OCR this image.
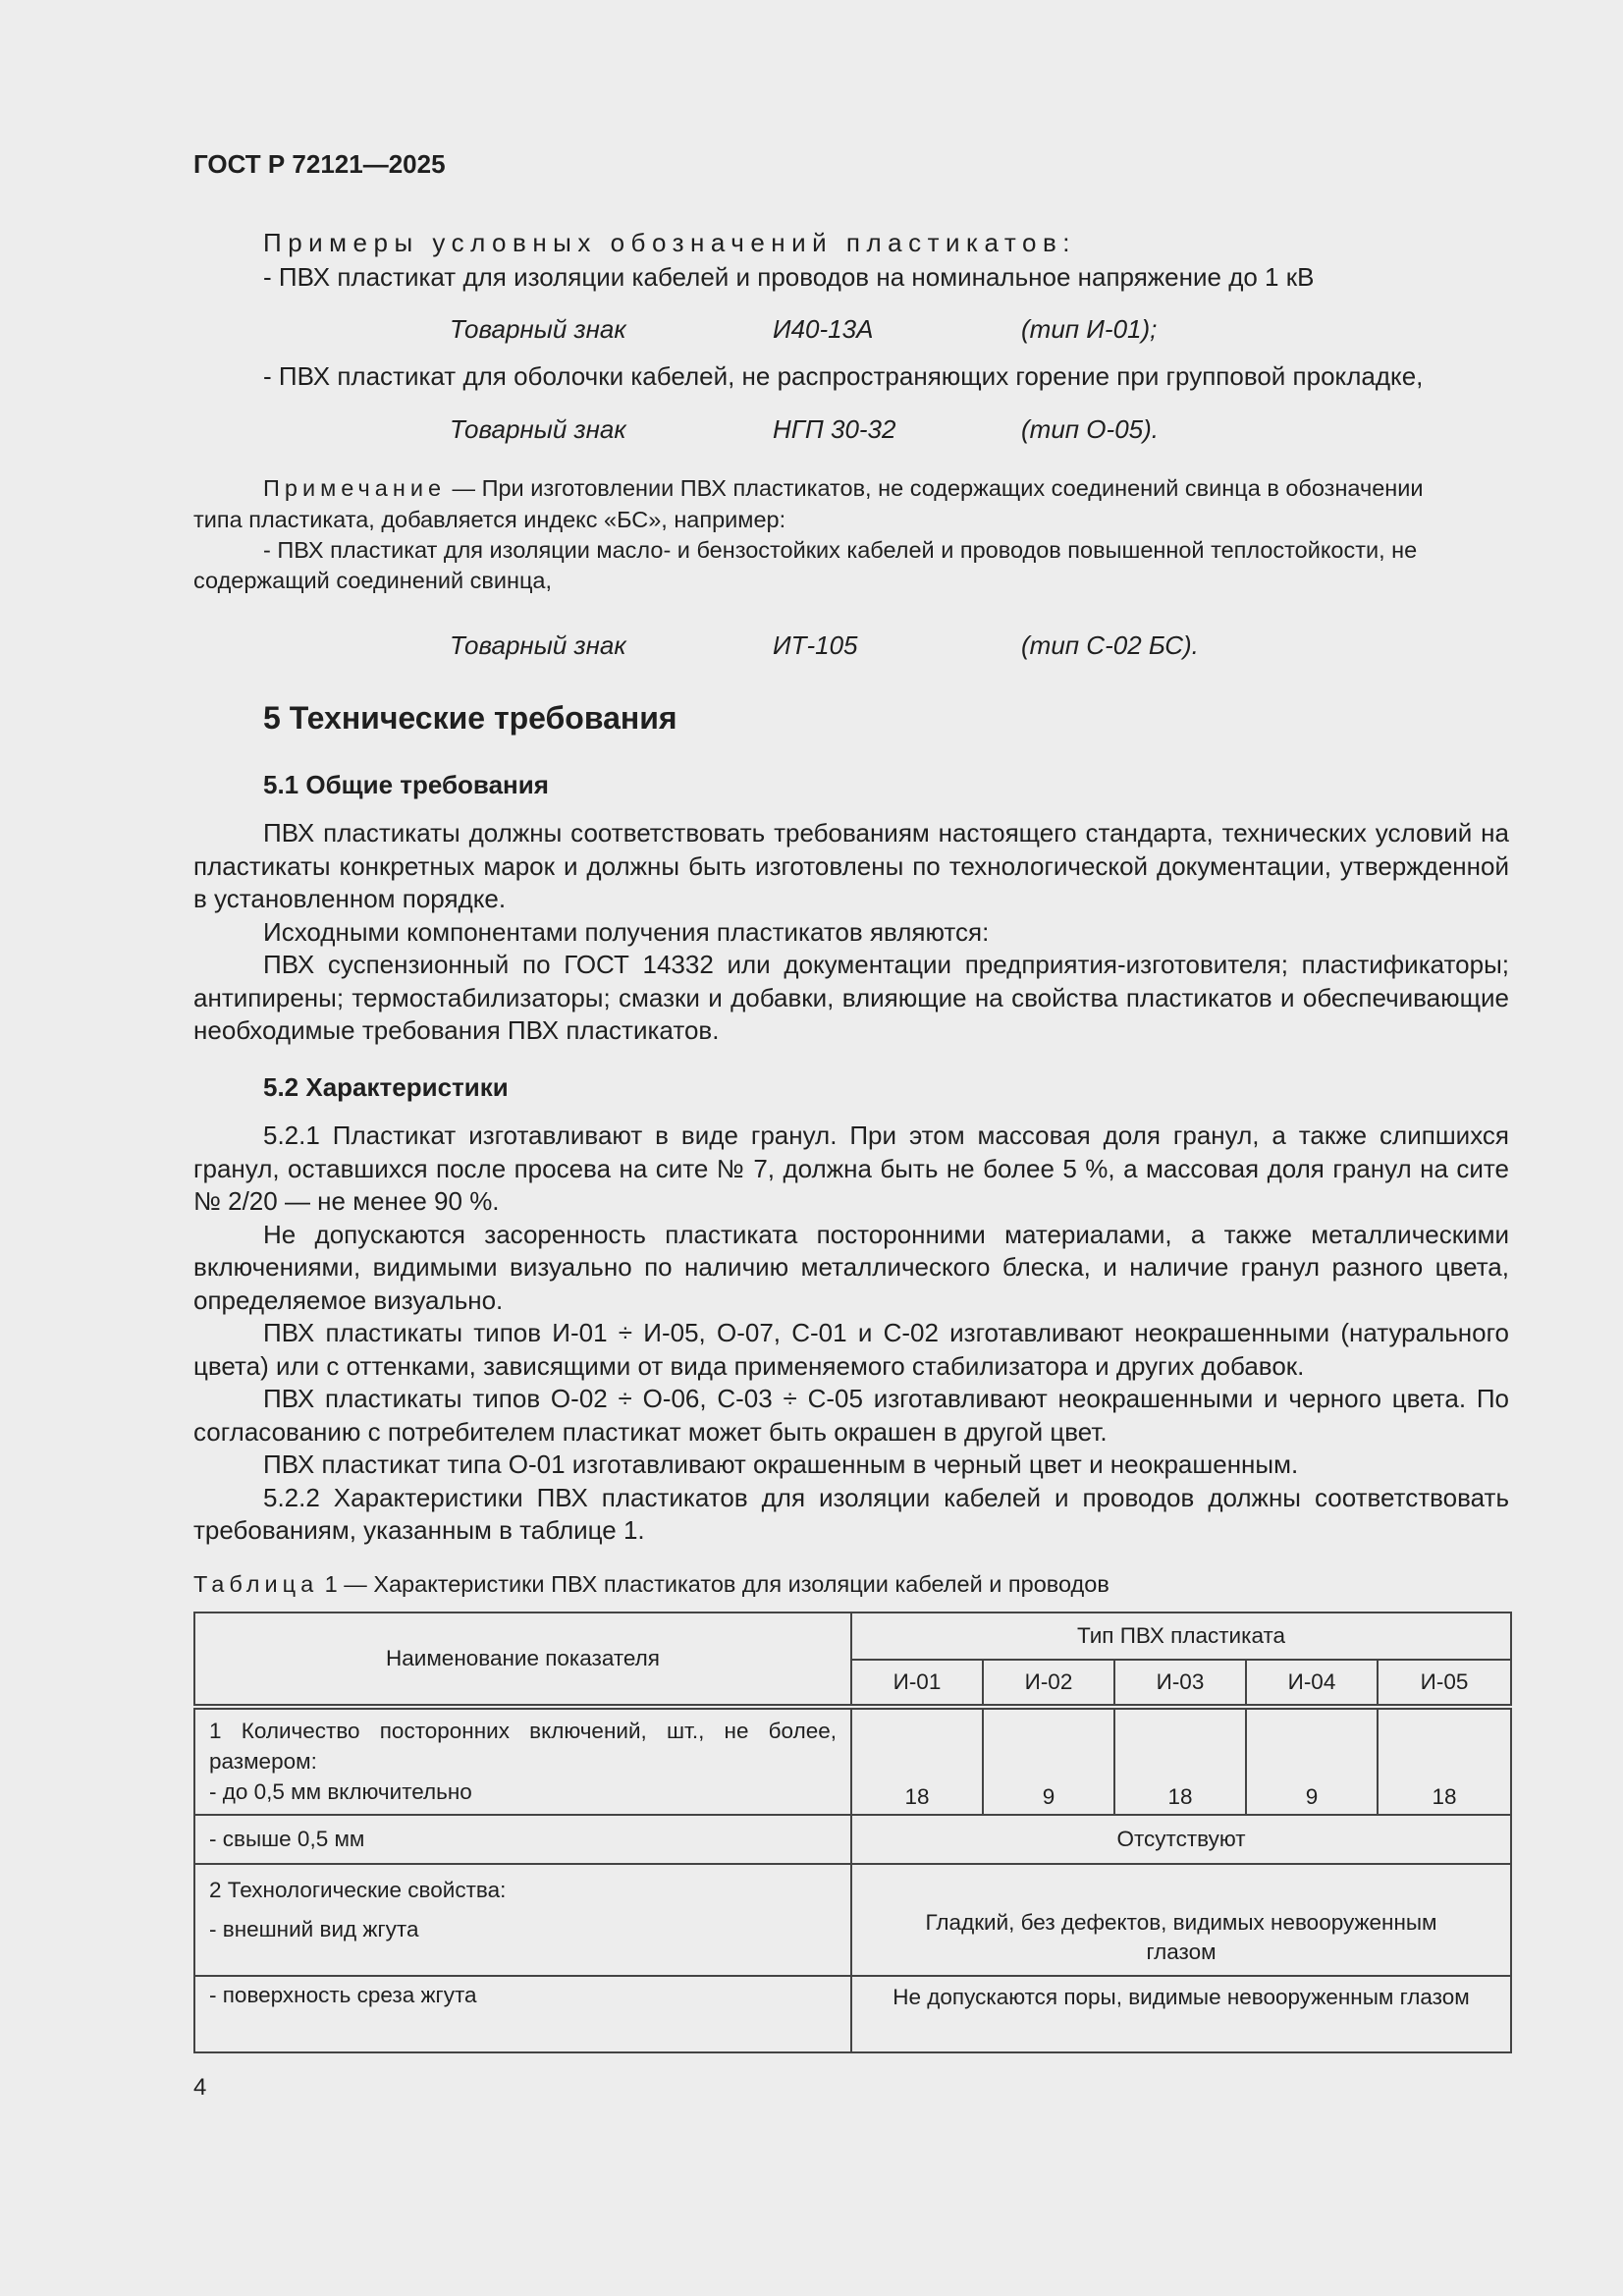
ГОСТ Р 72121—2025
Примеры условных обозначений пластикатов:
- ПВХ пластикат для изоляции кабелей и проводов на номинальное напряжение до 1 кВ
Товарный знак	И40-13А	(тип И-01);
- ПВХ пластикат для оболочки кабелей, не распространяющих горение при групповой прокладке,
Товарный знак	НГП 30-32	(тип О-05).
Примечание — При изготовлении ПВХ пластикатов, не содержащих соединений свинца в обозначении
типа пластиката, добавляется индекс «БС», например:
- ПВХ пластикат для изоляции масло- и бензостойких кабелей и проводов повышенной теплостойкости, не
содержащий соединений свинца,
Товарный знак	ИТ-105	(тип С-02 БС).
5 Технические требования
5.1 Общие требования
ПВХ пластикаты должны соответствовать требованиям настоящего стандарта, технических условий на пластикаты конкретных марок и должны быть изготовлены по технологической документации, утвержденной в установленном порядке.
Исходными компонентами получения пластикатов являются:
ПВХ суспензионный по ГОСТ 14332 или документации предприятия-изготовителя; пластификаторы; антипирены; термостабилизаторы; смазки и добавки, влияющие на свойства пластикатов и обеспечивающие необходимые требования ПВХ пластикатов.
5.2 Характеристики
5.2.1 Пластикат изготавливают в виде гранул. При этом массовая доля гранул, а также слипшихся гранул, оставшихся после просева на сите № 7, должна быть не более 5 %, а массовая доля гранул на сите № 2/20 — не менее 90 %.
Не допускаются засоренность пластиката посторонними материалами, а также металлическими включениями, видимыми визуально по наличию металлического блеска, и наличие гранул разного цвета, определяемое визуально.
ПВХ пластикаты типов И-01 ÷ И-05, О-07, С-01 и С-02 изготавливают неокрашенными (натурального цвета) или с оттенками, зависящими от вида применяемого стабилизатора и других добавок.
ПВХ пластикаты типов О-02 ÷ О-06, С-03 ÷ С-05 изготавливают неокрашенными и черного цвета. По согласованию с потребителем пластикат может быть окрашен в другой цвет.
ПВХ пластикат типа О-01 изготавливают окрашенным в черный цвет и неокрашенным.
5.2.2 Характеристики ПВХ пластикатов для изоляции кабелей и проводов должны соответствовать требованиям, указанным в таблице 1.
Таблица 1 — Характеристики ПВХ пластикатов для изоляции кабелей и проводов
Наименование показателя	Тип ПВХ пластиката				
	И-01	И-02	И-03	И-04	И-05

1 Количество посторонних включений, шт., не более, размером:
- до 0,5 мм включительно	18	9	18	9	18
- свыше 0,5 мм	Отсутствуют				

2 Технологические свойства:
- внешний вид жгута	Гладкий, без дефектов, видимых невооруженным глазом				
- поверхность среза жгута	Не допускаются поры, видимые невооруженным глазом				
4
